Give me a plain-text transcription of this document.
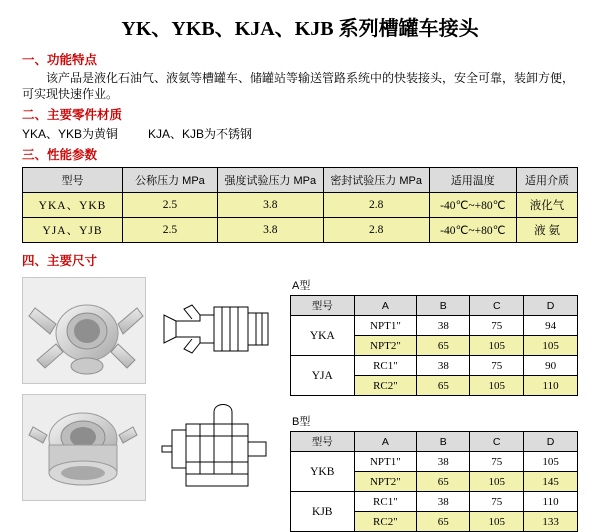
YK、YKB、KJA、KJB 系列槽罐车接头
一、功能特点
该产品是液化石油气、液氨等槽罐车、储罐站等输送管路系统中的快装接头，安全可靠，装卸方便，可实现快速作业。
二、主要零件材质
YKA、YKB为黄铜	KJA、KJB为不锈钢
三、性能参数
型号	公称压力 MPa	强度试验压力 MPa	密封试验压力 MPa	适用温度	适用介质
YKA、YKB	2.5	3.8	2.8	-40℃~+80℃	液化气
YJA、YJB	2.5	3.8	2.8	-40℃~+80℃	液 氨
四、主要尺寸

A型
型号	A	B	C	D
YKA	NPT1"	38	75	94
	NPT2"	65	105	105
YJA	RC1"	38	75	90
	RC2"	65	105	110
B型
型号	A	B	C	D
YKB	NPT1"	38	75	105
	NPT2"	65	105	145
KJB	RC1"	38	75	110
	RC2"	65	105	133
